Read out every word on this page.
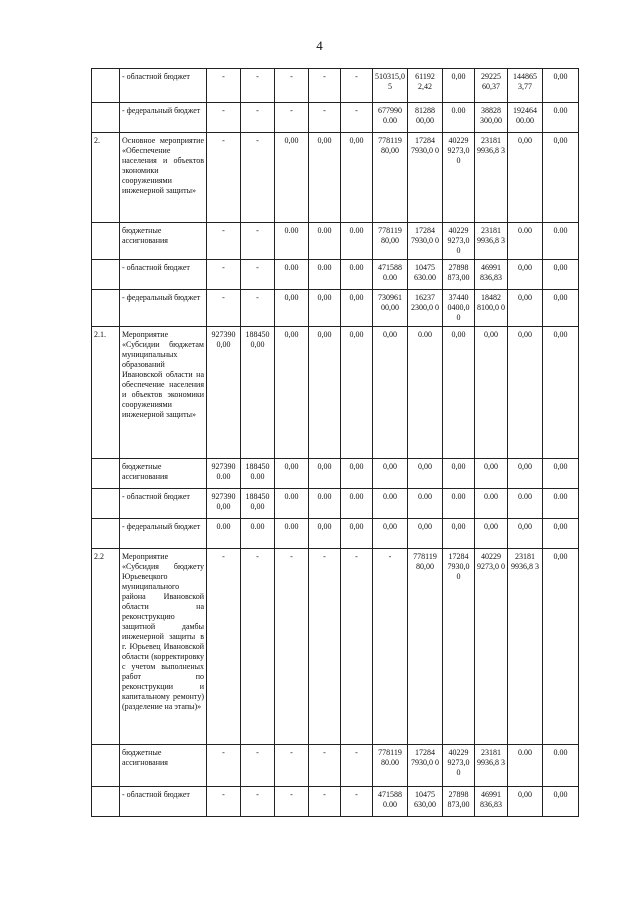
4
	- областной бюджет	-	-	-	-	-	510315,05	61192 2,42	0,00	29225 60,37	144865 3,77	0,00	
	- федеральный бюджет	-	-	-	-	-	677990 0.00	81288 00,00	0.00	38828 300,00	192464 00.00	0.00	
2.	Основное мероприятие «Обеспечение населения и объектов экономики сооружениями инженерной защиты»	-	-	0,00	0,00	0,00	778119 80,00	17284 7930,0 0	40229 9273,0 0	23181 9936,8 3	0,00	0,00	
	бюджетные ассигнования	-	-	0.00	0.00	0.00	778119 80,00	17284 7930,0 0	40229 9273,0 0	23181 9936,8 3	0.00	0.00	
	- областной бюджет	-	-	0.00	0.00	0.00	471588 0.00	10475 630.00	27898 873,00	46991 836,83	0,00	0,00	
	- федеральный бюджет	-	-	0,00	0,00	0,00	730961 00,00	16237 2300,0 0	37440 0400,0 0	18482 8100,0 0	0,00	0,00	
2.1.	Мероприятие «Субсидии бюджетам муниципальных образований Ивановской области на обеспечение населения и объектов экономики сооружениями инженерной защиты»	927390 0,00	188450 0,00	0,00	0,00	0,00	0,00	0.00	0,00	0,00	0,00	0,00	
	бюджетные ассигнования	927390 0.00	188450 0.00	0,00	0,00	0,00	0,00	0,00	0,00	0,00	0,00	0,00	
	- областной бюджет	927390 0,00	188450 0,00	0.00	0.00	0.00	0.00	0.00	0.00	0.00	0.00	0.00	
	- федеральный бюджет	0.00	0.00	0.00	0,00	0,00	0,00	0,00	0,00	0,00	0,00	0,00	
2.2	Мероприятие «Субсидия бюджету Юрьевецкого муниципального района Ивановской области на реконструкцию защитной дамбы инженерной защиты в г. Юрьевец Ивановской области (корректировку с учетом выполненых работ по реконструкции и капитальному ремонту) (разделение на этапы)»	-	-	-	-	-	-	778119 80,00	17284 7930,0 0	40229 9273,0 0	23181 9936,8 3	0,00	
	бюджетные ассигнования	-	-	-	-	-	778119 80.00	17284 7930,0 0	40229 9273,0 0	23181 9936,8 3	0.00	0.00	
	- областной бюджет	-	-	-	-	-	471588 0.00	10475 630,00	27898 873,00	46991 836,83	0,00	0,00	
